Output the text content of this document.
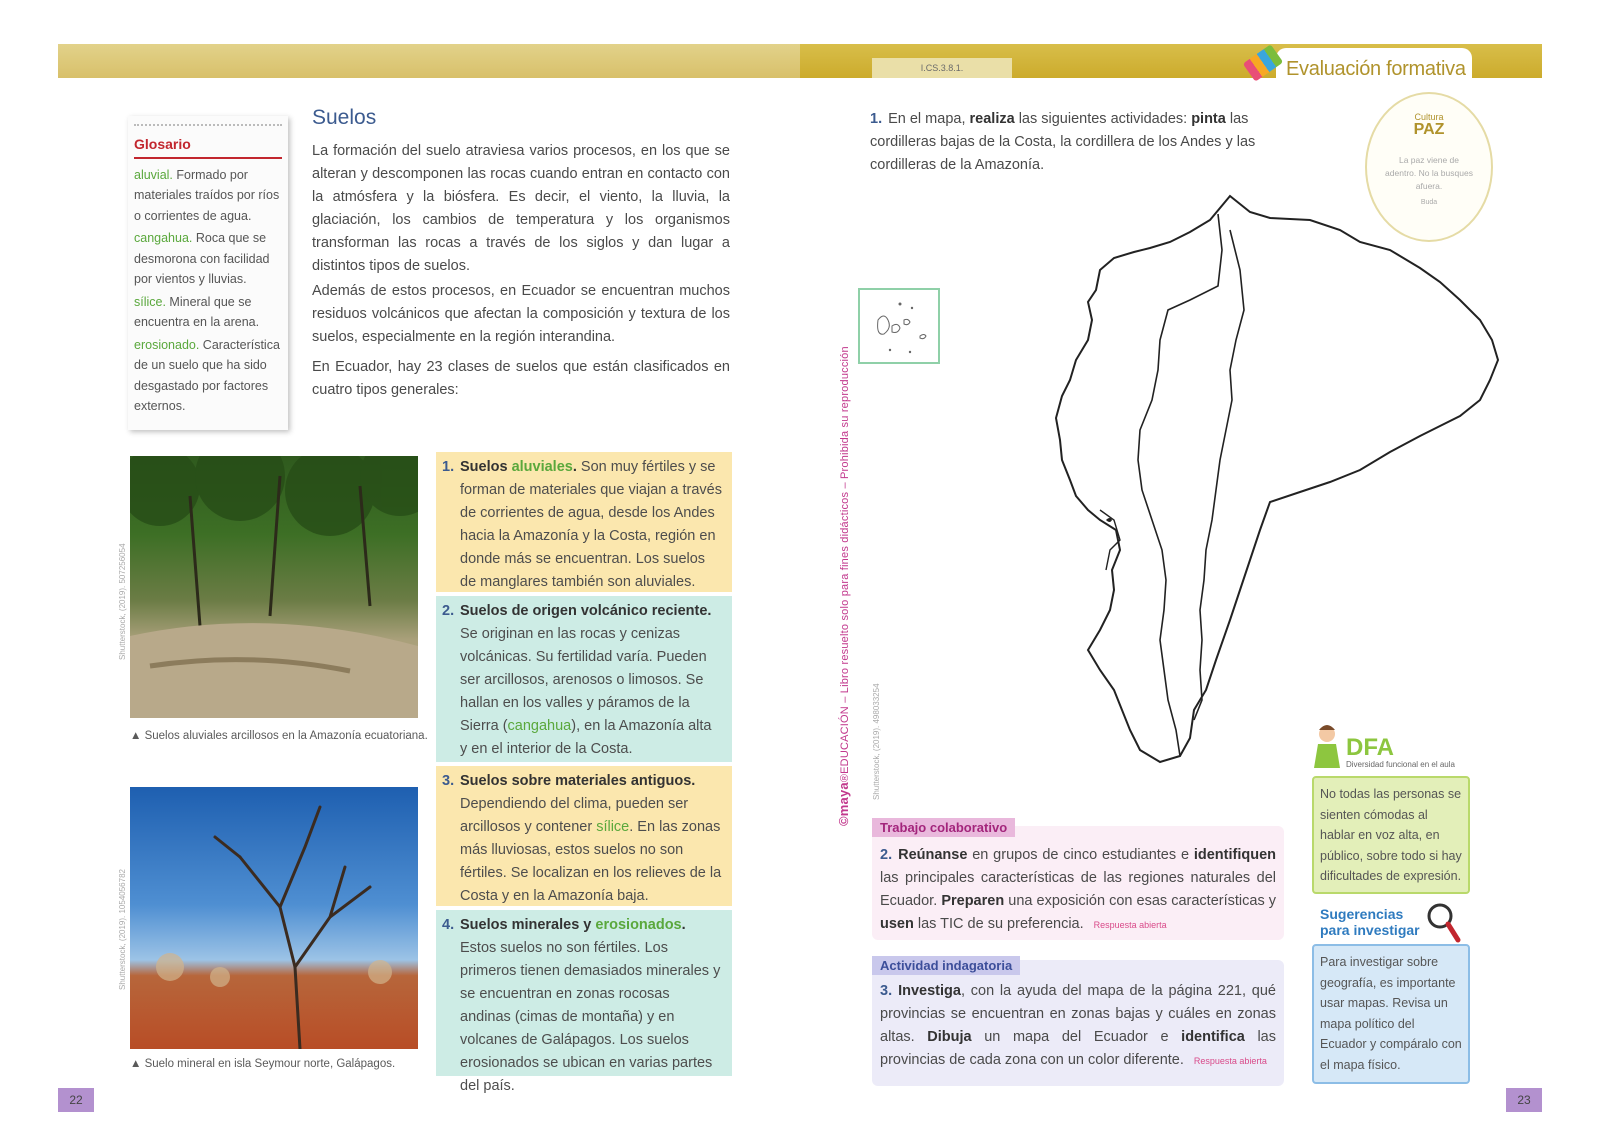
I.CS.3.8.1.	Evaluación formativa
Glosario

aluvial. Formado por materiales traídos por ríos o corrientes de agua.

cangahua. Roca que se desmorona con facilidad por vientos y lluvias.

sílice. Mineral que se encuentra en la arena.

erosionado. Característica de un suelo que ha sido desgastado por factores externos.

Suelos

La formación del suelo atraviesa varios procesos, en los que se alteran y descomponen las rocas cuando entran en contacto con la atmósfera y la biósfera. Es decir, el viento, la lluvia, la glaciación, los cambios de temperatura y los organismos transforman las rocas a través de los siglos y dan lugar a distintos tipos de suelos.

Además de estos procesos, en Ecuador se encuentran muchos residuos volcánicos que afectan la composición y textura de los suelos, especialmente en la región interandina.

En Ecuador, hay 23 clases de suelos que están clasificados en cuatro tipos generales:

Shutterstock, (2019). 507256054
▲ Suelos aluviales arcillosos en la Amazonía ecuatoriana.
Shutterstock, (2019). 1054056782
▲ Suelo mineral en isla Seymour norte, Galápagos.
1. Suelos aluviales. Son muy fértiles y se forman de materiales que viajan a través de corrientes de agua, desde los Andes hacia la Amazonía y la Costa, región en donde más se encuentran. Los suelos de manglares también son aluviales.
2. Suelos de origen volcánico reciente. Se originan en las rocas y cenizas volcánicas. Su fertilidad varía. Pueden ser arcillosos, arenosos o limosos. Se hallan en los valles y páramos de la Sierra (cangahua), en la Amazonía alta y en el interior de la Costa.
3. Suelos sobre materiales antiguos. Dependiendo del clima, pueden ser arcillosos y contener sílice. En las zonas más lluviosas, estos suelos no son fértiles. Se localizan en los relieves de la Costa y en la Amazonía baja.
4. Suelos minerales y erosionados. Estos suelos no son fértiles. Los primeros tienen demasiados minerales y se encuentran en zonas rocosas andinas (cimas de montaña) y en volcanes de Galápagos. Los suelos erosionados se ubican en varias partes del país.
22

1. En el mapa, realiza las siguientes actividades: pinta las cordilleras bajas de la Costa, la cordillera de los Andes y las cordilleras de la Amazonía.

©maya®EDUCACIÓN – Libro resuelto solo para fines didácticos – Prohibida su reproducción	Shutterstock, (2019). 498033254
Cultura
PAZ
La paz viene de adentro. No la busques afuera.
Buda
Trabajo colaborativo

2. Reúnanse en grupos de cinco estudiantes e identifiquen las principales características de las regiones naturales del Ecuador. Preparen una exposición con esas características y usen las TIC de su preferencia. Respuesta abierta

Actividad indagatoria

3. Investiga, con la ayuda del mapa de la página 221, qué provincias se encuentran en zonas bajas y cuáles en zonas altas. Dibuja un mapa del Ecuador e identifica las provincias de cada zona con un color diferente. Respuesta abierta

DFA
Diversidad funcional en el aula
No todas las personas se sienten cómodas al hablar en voz alta, en público, sobre todo si hay dificultades de expresión.
Sugerencias
para investigar
Para investigar sobre geografía, es importante usar mapas. Revisa un mapa político del Ecuador y compáralo con el mapa físico.
23
